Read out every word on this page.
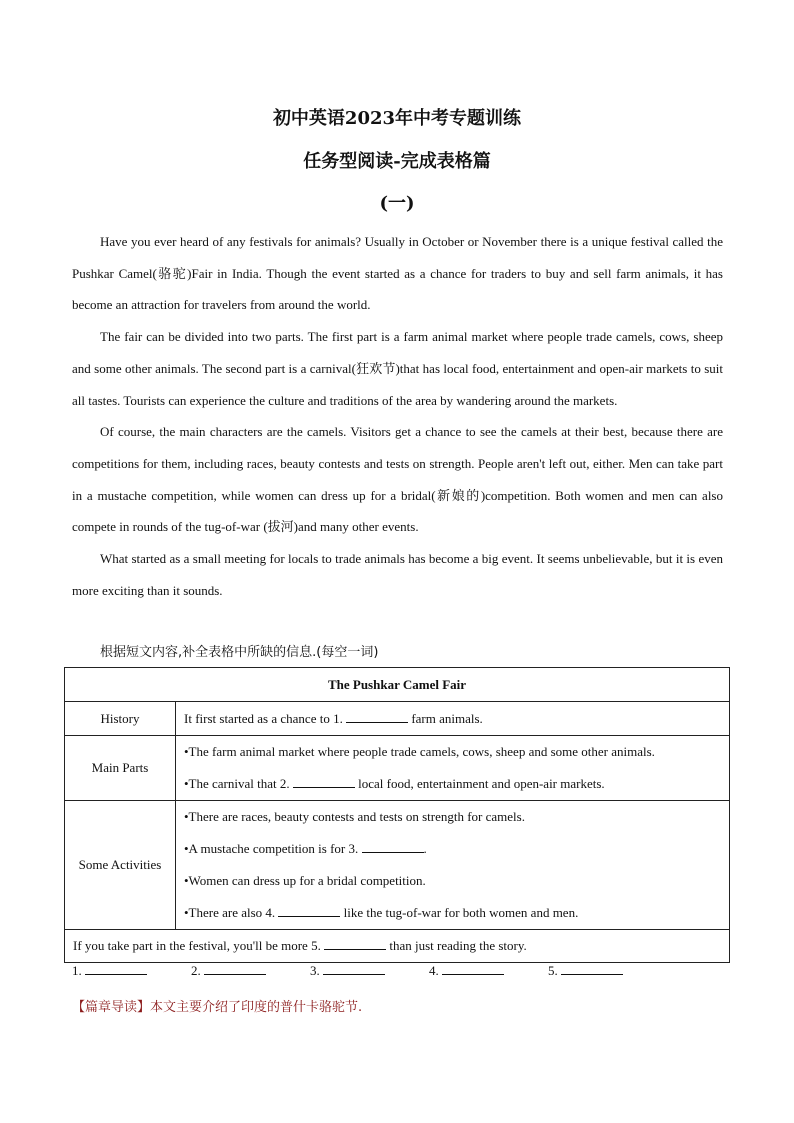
初中英语2023年中考专题训练
任务型阅读-完成表格篇
(一)

Have you ever heard of any festivals for animals? Usually in October or November there is a unique festival called the Pushkar Camel(骆驼)Fair in India. Though the event started as a chance for traders to buy and sell farm animals, it has become an attraction for travelers from around the world.

The fair can be divided into two parts. The first part is a farm animal market where people trade camels, cows, sheep and some other animals. The second part is a carnival(狂欢节)that has local food, entertainment and open-air markets to suit all tastes. Tourists can experience the culture and traditions of the area by wandering around the markets.

Of course, the main characters are the camels. Visitors get a chance to see the camels at their best, because there are competitions for them, including races, beauty contests and tests on strength. People aren't left out, either. Men can take part in a mustache competition, while women can dress up for a bridal(新娘的)competition. Both women and men can also compete in rounds of the tug-of-war (拔河)and many other events.

What started as a small meeting for locals to trade animals has become a big event. It seems unbelievable, but it is even more exciting than it sounds.

根据短文内容,补全表格中所缺的信息.(每空一词)
The Pushkar Camel Fair	
History	It first started as a chance to 1. farm animals.
Main Parts	•The farm animal market where people trade camels, cows, sheep and some other animals.
•The carnival that 2. local food, entertainment and open-air markets.

Some Activities	•There are races, beauty contests and tests on strength for camels.
•A mustache competition is for 3. .
•Women can dress up for a bridal competition.
•There are also 4. like the tug-of-war for both women and men.

If you take part in the festival, you'll be more 5. than just reading the story.	
1.	2.	3.	4.	5.
【篇章导读】本文主要介绍了印度的普什卡骆驼节.
